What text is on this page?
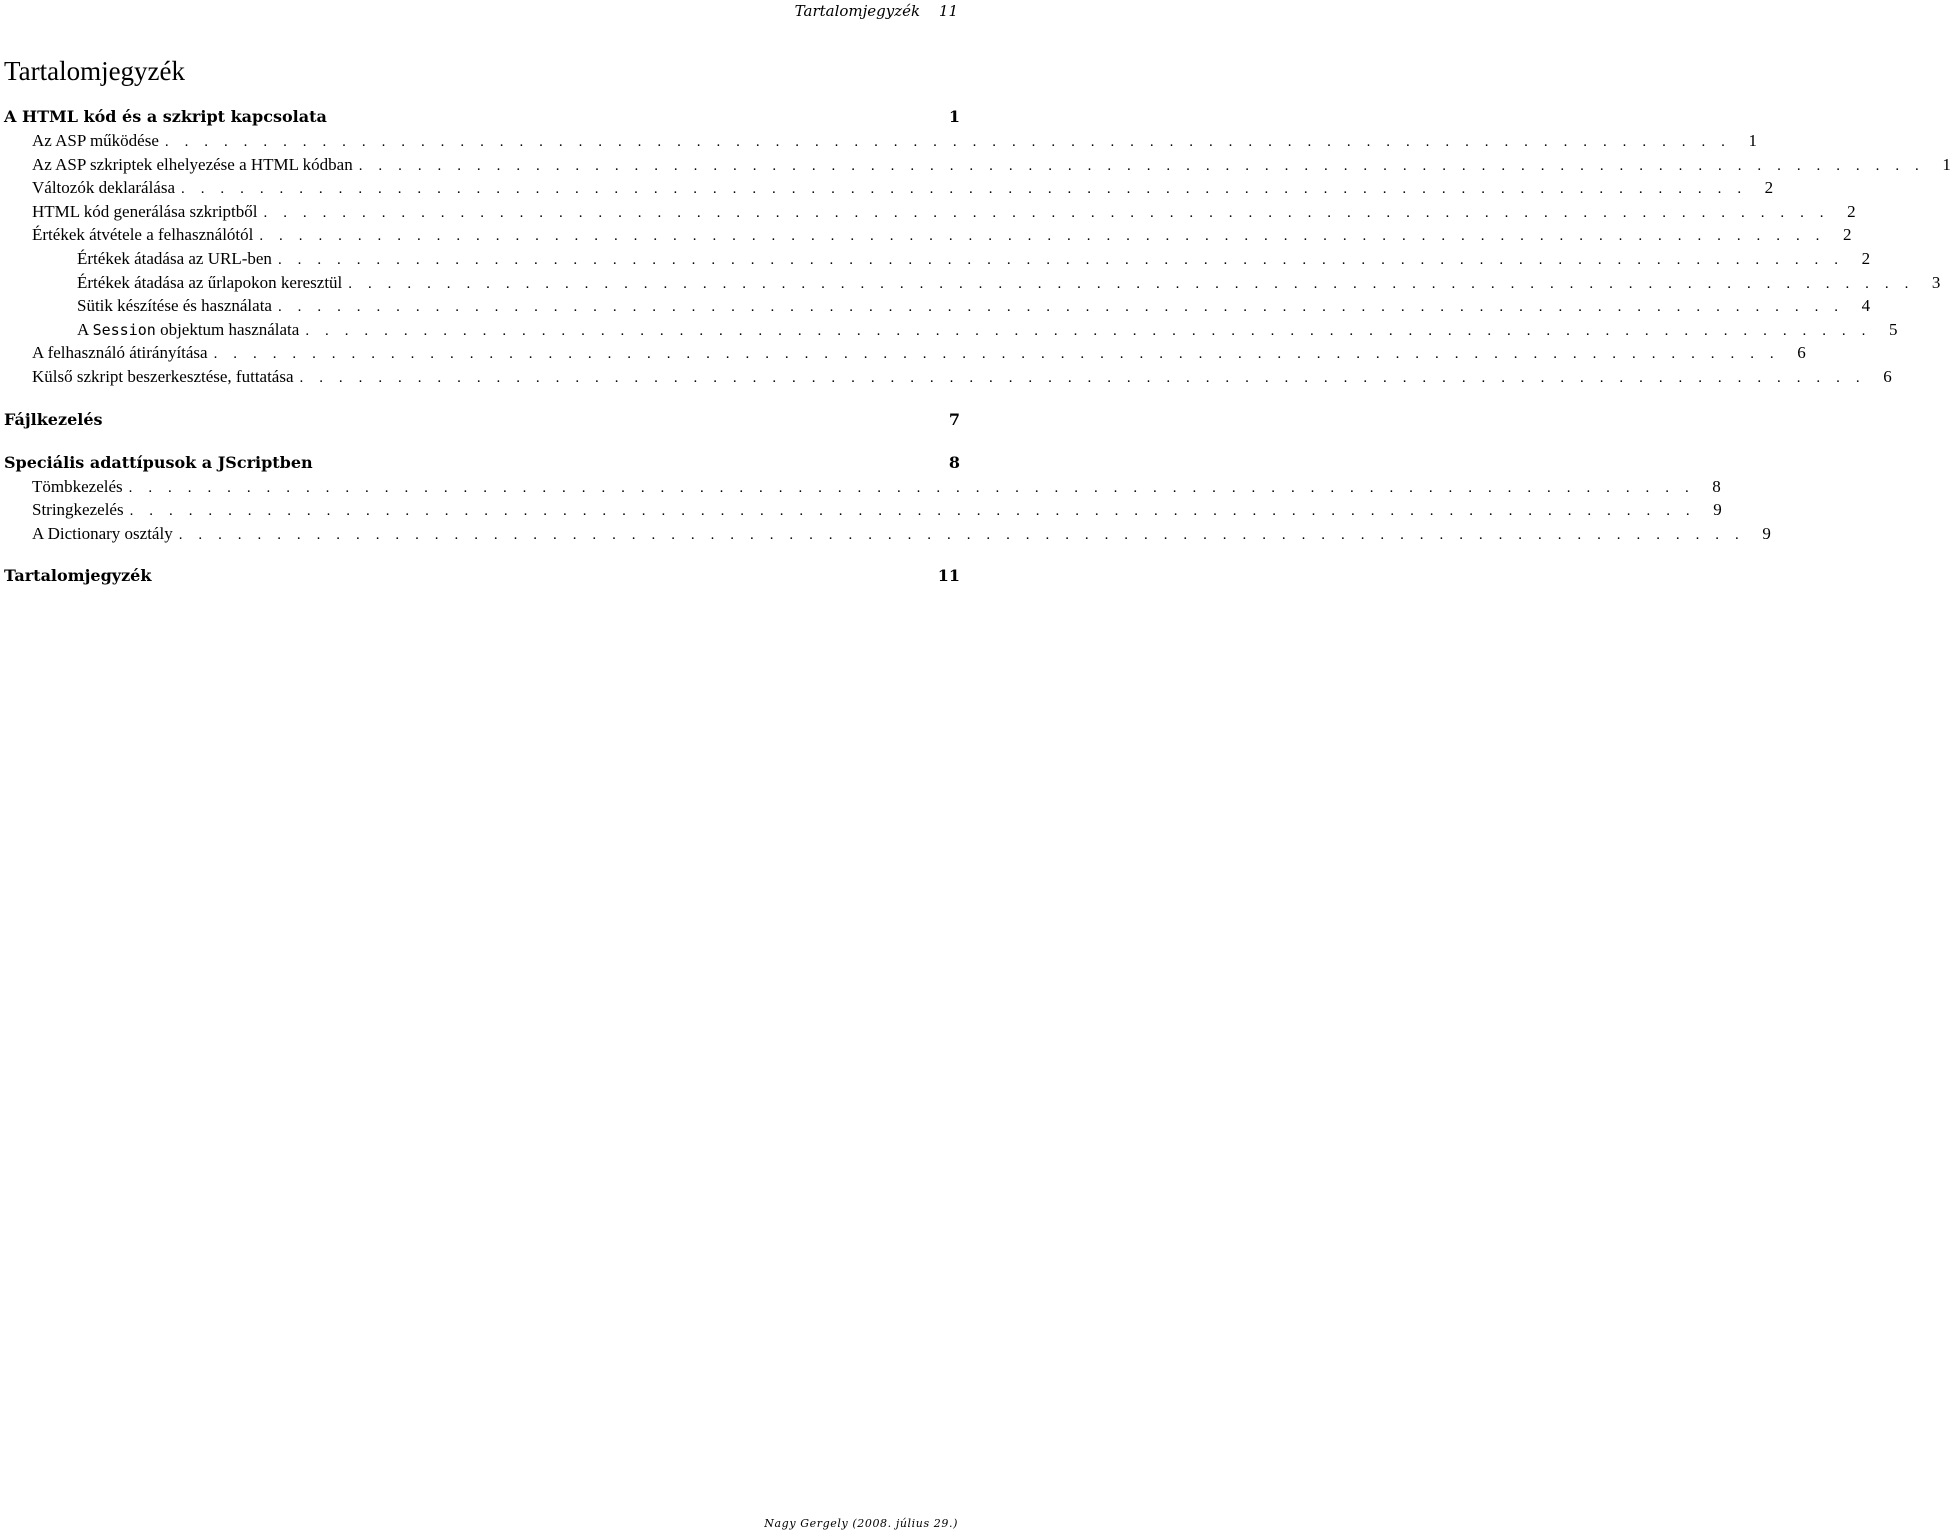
Tartalomjegyzék 11
Tartalomjegyzék
A HTML kód és a szkript kapcsolata	1
Az ASP működése . . . . . . . . . . . . . . . . . . . . . . . . . . . . . . . . . . . . . . . . . . . . . . . . . . . . . . . . . . . . . . . . . . . . . . . . . . . . . . . . 1
Az ASP szkriptek elhelyezése a HTML kódban . . . . . . . . . . . . . . . . . . . . . . . . . . . . . . . . . . . . . . . . . . . . . . . . . . . . . . . . . . . . . . . . . . . . . . . . . . . . . . . . 1
Változók deklarálása . . . . . . . . . . . . . . . . . . . . . . . . . . . . . . . . . . . . . . . . . . . . . . . . . . . . . . . . . . . . . . . . . . . . . . . . . . . . . . . . 2
HTML kód generálása szkriptből . . . . . . . . . . . . . . . . . . . . . . . . . . . . . . . . . . . . . . . . . . . . . . . . . . . . . . . . . . . . . . . . . . . . . . . . . . . . . . . . 2
Értékek átvétele a felhasználótól . . . . . . . . . . . . . . . . . . . . . . . . . . . . . . . . . . . . . . . . . . . . . . . . . . . . . . . . . . . . . . . . . . . . . . . . . . . . . . . . 2
Értékek átadása az URL-ben . . . . . . . . . . . . . . . . . . . . . . . . . . . . . . . . . . . . . . . . . . . . . . . . . . . . . . . . . . . . . . . . . . . . . . . . . . . . . . . . 2
Értékek átadása az űrlapokon keresztül . . . . . . . . . . . . . . . . . . . . . . . . . . . . . . . . . . . . . . . . . . . . . . . . . . . . . . . . . . . . . . . . . . . . . . . . . . . . . . . . 3
Sütik készítése és használata . . . . . . . . . . . . . . . . . . . . . . . . . . . . . . . . . . . . . . . . . . . . . . . . . . . . . . . . . . . . . . . . . . . . . . . . . . . . . . . . 4
A Session objektum használata . . . . . . . . . . . . . . . . . . . . . . . . . . . . . . . . . . . . . . . . . . . . . . . . . . . . . . . . . . . . . . . . . . . . . . . . . . . . . . . . 5
A felhasználó átirányítása . . . . . . . . . . . . . . . . . . . . . . . . . . . . . . . . . . . . . . . . . . . . . . . . . . . . . . . . . . . . . . . . . . . . . . . . . . . . . . . . 6
Külső szkript beszerkesztése, futtatása . . . . . . . . . . . . . . . . . . . . . . . . . . . . . . . . . . . . . . . . . . . . . . . . . . . . . . . . . . . . . . . . . . . . . . . . . . . . . . . . 6
Fájlkezelés	7
Speciális adattípusok a JScriptben	8
Tömbkezelés . . . . . . . . . . . . . . . . . . . . . . . . . . . . . . . . . . . . . . . . . . . . . . . . . . . . . . . . . . . . . . . . . . . . . . . . . . . . . . . . 8
Stringkezelés . . . . . . . . . . . . . . . . . . . . . . . . . . . . . . . . . . . . . . . . . . . . . . . . . . . . . . . . . . . . . . . . . . . . . . . . . . . . . . . . 9
A Dictionary osztály . . . . . . . . . . . . . . . . . . . . . . . . . . . . . . . . . . . . . . . . . . . . . . . . . . . . . . . . . . . . . . . . . . . . . . . . . . . . . . . . 9
Tartalomjegyzék	11
Nagy Gergely (2008. július 29.)
